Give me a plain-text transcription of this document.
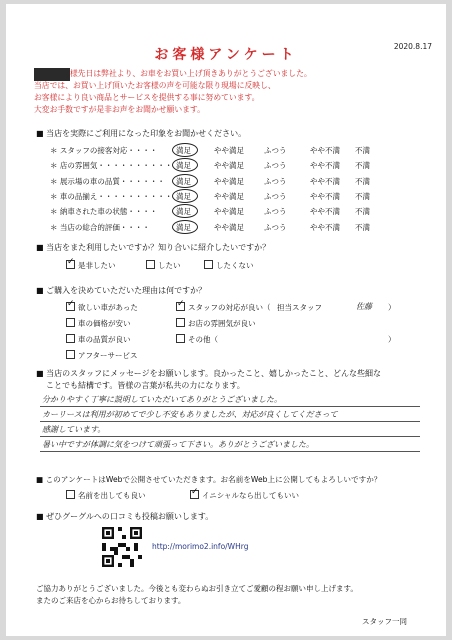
2020.8.17
お客様アンケート
様先日は弊社より、お車をお買い上げ頂きありがとうございました。
当店では、お買い上げ頂いたお客様の声を可能な限り現場に反映し、
お客様により良い商品とサービスを提供する事に努めています。
大変お手数ですが是非お声をお聞かせ願います。
■ 当店を実際にご利用になった印象をお聞かせください。
■ 当店をまた利用したいですか？知り合いに紹介したいですか？
✓是非したい	したい	したくない
■ ご購入を決めていただいた理由は何ですか？
✓欲しい車があった
車の価格が安い
車の品質が良い
アフターサービス
✓スタッフの対応が良い（ 担当スタッフ	佐藤 ）
お店の雰囲気が良い
その他（	）
■ 当店のスタッフにメッセージをお願いします。良かったこと、嬉しかったこと、どんな些細な
ことでも結構です。皆様の言葉が私共の力になります。
分かりやすく丁寧に説明していただいてありがとうございました。
カーリースは利用が初めてで少し不安もありましたが、対応が良くしてくださって
感謝しています。
暑い中ですが体調に気をつけて頑張って下さい。ありがとうございました。
■ このアンケートはWebで公開させていただきます。お名前をWeb上に公開してもよろしいですか？
名前を出しても良い
✓	イニシャルなら出してもいい
■ ぜひグーグルへの口コミも投稿お願いします。
http://morimo2.info/WHrg
ご協力ありがとうございました。今後とも変わらぬお引き立てご愛顧の程お願い申し上げます。
またのご来店を心からお待ちしております。
スタッフ一同
＊ スタッフの接客対応・・・・ 満足	やや満足	ふつう	やや不満 不満
＊ 店の雰囲気・・・・・・・・・・ 満足	やや満足	ふつう	やや不満 不満
＊ 展示場の車の品質・・・・・・ 満足	やや満足	ふつう	やや不満 不満
＊ 車の品揃え・・・・・・・・・・ 満足	やや満足	ふつう	やや不満 不満
＊ 納車された車の状態・・・・ 満足	やや満足	ふつう	やや不満 不満
＊ 当店の総合的評価・・・・	満足	やや満足	ふつう	やや不満 不満
